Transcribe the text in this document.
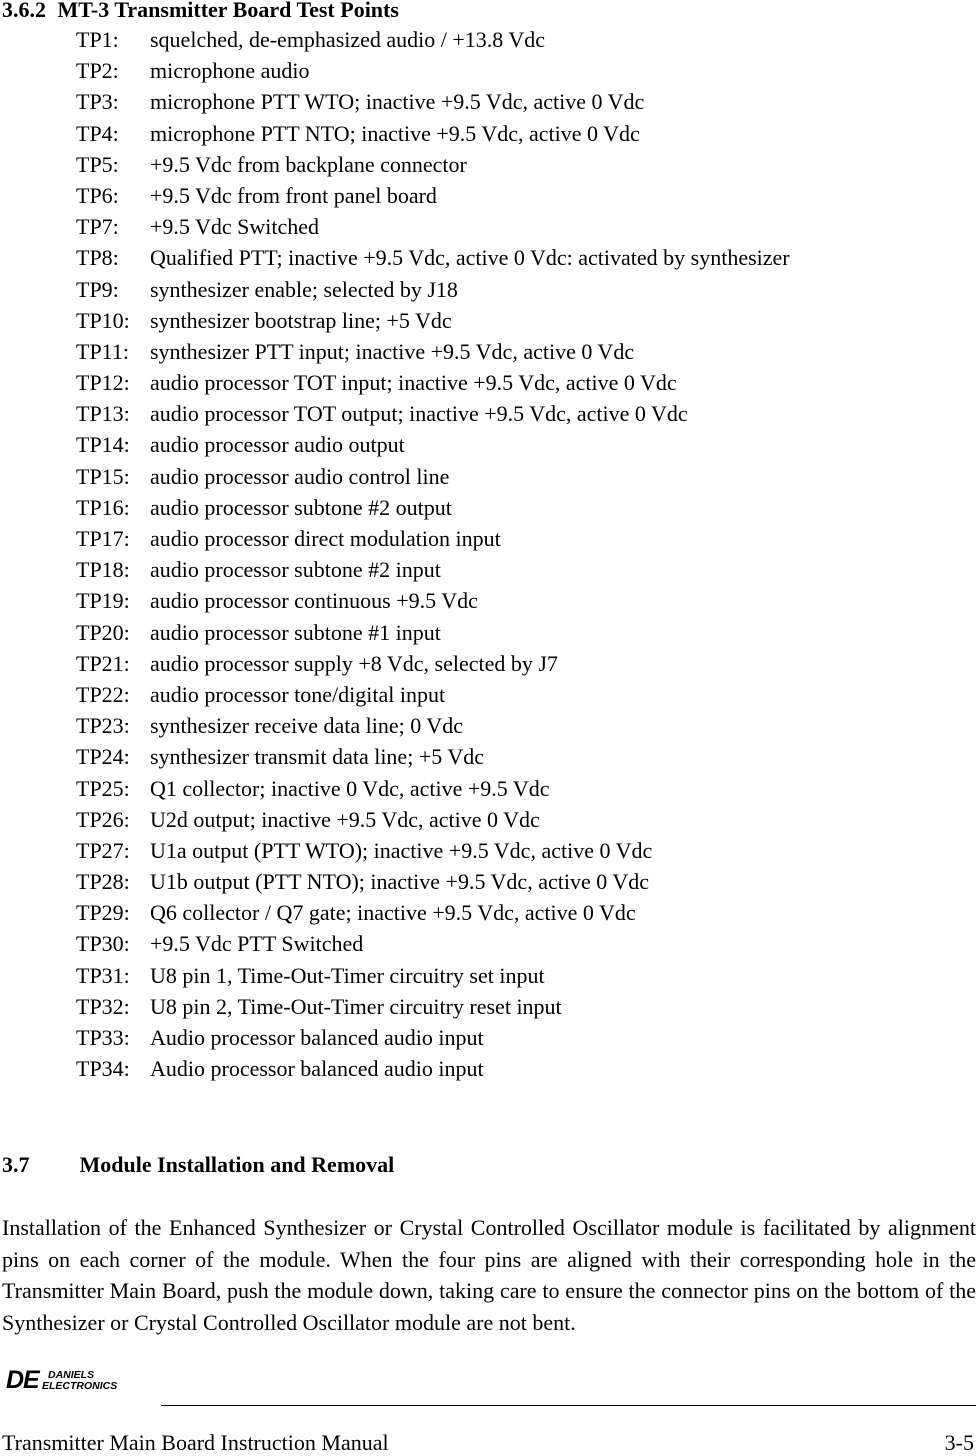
3.6.2 MT-3 Transmitter Board Test Points
TP1: squelched, de-emphasized audio / +13.8 Vdc
TP2: microphone audio
TP3: microphone PTT WTO; inactive +9.5 Vdc, active 0 Vdc
TP4: microphone PTT NTO; inactive +9.5 Vdc, active 0 Vdc
TP5: +9.5 Vdc from backplane connector
TP6: +9.5 Vdc from front panel board
TP7: +9.5 Vdc Switched
TP8: Qualified PTT; inactive +9.5 Vdc, active 0 Vdc: activated by synthesizer
TP9: synthesizer enable; selected by J18
TP10: synthesizer bootstrap line; +5 Vdc
TP11: synthesizer PTT input; inactive +9.5 Vdc, active 0 Vdc
TP12: audio processor TOT input; inactive +9.5 Vdc, active 0 Vdc
TP13: audio processor TOT output; inactive +9.5 Vdc, active 0 Vdc
TP14: audio processor audio output
TP15: audio processor audio control line
TP16: audio processor subtone #2 output
TP17: audio processor direct modulation input
TP18: audio processor subtone #2 input
TP19: audio processor continuous +9.5 Vdc
TP20: audio processor subtone #1 input
TP21: audio processor supply +8 Vdc, selected by J7
TP22: audio processor tone/digital input
TP23: synthesizer receive data line; 0 Vdc
TP24: synthesizer transmit data line; +5 Vdc
TP25: Q1 collector; inactive 0 Vdc, active +9.5 Vdc
TP26: U2d output; inactive +9.5 Vdc, active 0 Vdc
TP27: U1a output (PTT WTO); inactive +9.5 Vdc, active 0 Vdc
TP28: U1b output (PTT NTO); inactive +9.5 Vdc, active 0 Vdc
TP29: Q6 collector / Q7 gate; inactive +9.5 Vdc, active 0 Vdc
TP30: +9.5 Vdc PTT Switched
TP31: U8 pin 1, Time-Out-Timer circuitry set input
TP32: U8 pin 2, Time-Out-Timer circuitry reset input
TP33: Audio processor balanced audio input
TP34: Audio processor balanced audio input
3.7 Module Installation and Removal
Installation of the Enhanced Synthesizer or Crystal Controlled Oscillator module is facilitated by alignment pins on each corner of the module. When the four pins are aligned with their corresponding hole in the Transmitter Main Board, push the module down, taking care to ensure the connector pins on the bottom of the Synthesizer or Crystal Controlled Oscillator module are not bent.
DE DANIELS
ELECTRONICS
Transmitter Main Board Instruction Manual	3-5
